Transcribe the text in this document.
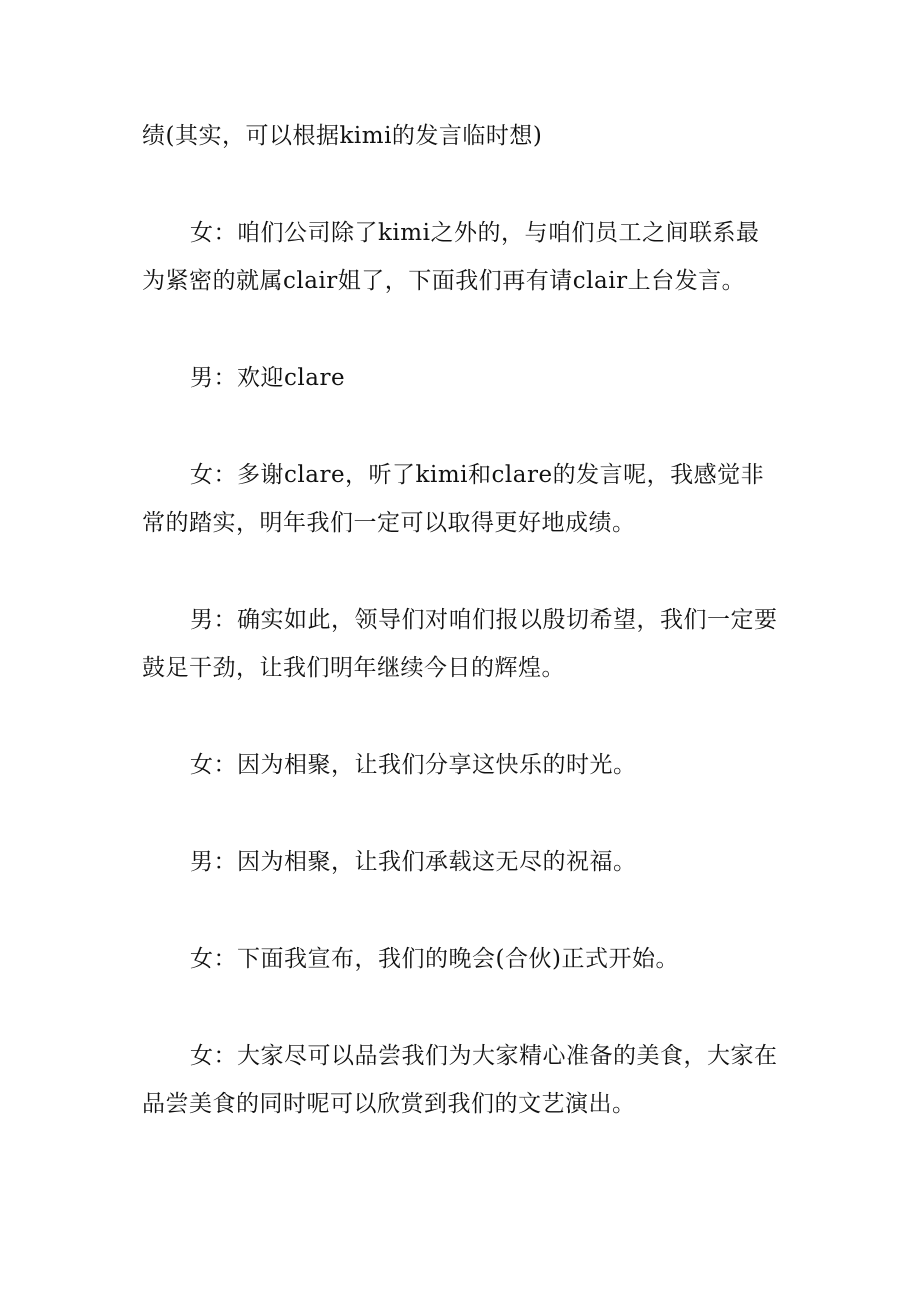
绩(其实，可以根据kimi的发言临时想)

女：咱们公司除了kimi之外的，与咱们员工之间联系最为紧密的就属clair姐了，下面我们再有请clair上台发言。

男：欢迎clare

女：多谢clare，听了kimi和clare的发言呢，我感觉非常的踏实，明年我们一定可以取得更好地成绩。

男：确实如此，领导们对咱们报以殷切希望，我们一定要鼓足干劲，让我们明年继续今日的辉煌。

女：因为相聚，让我们分享这快乐的时光。

男：因为相聚，让我们承载这无尽的祝福。

女：下面我宣布，我们的晚会(合伙)正式开始。

女：大家尽可以品尝我们为大家精心准备的美食，大家在品尝美食的同时呢可以欣赏到我们的文艺演出。
